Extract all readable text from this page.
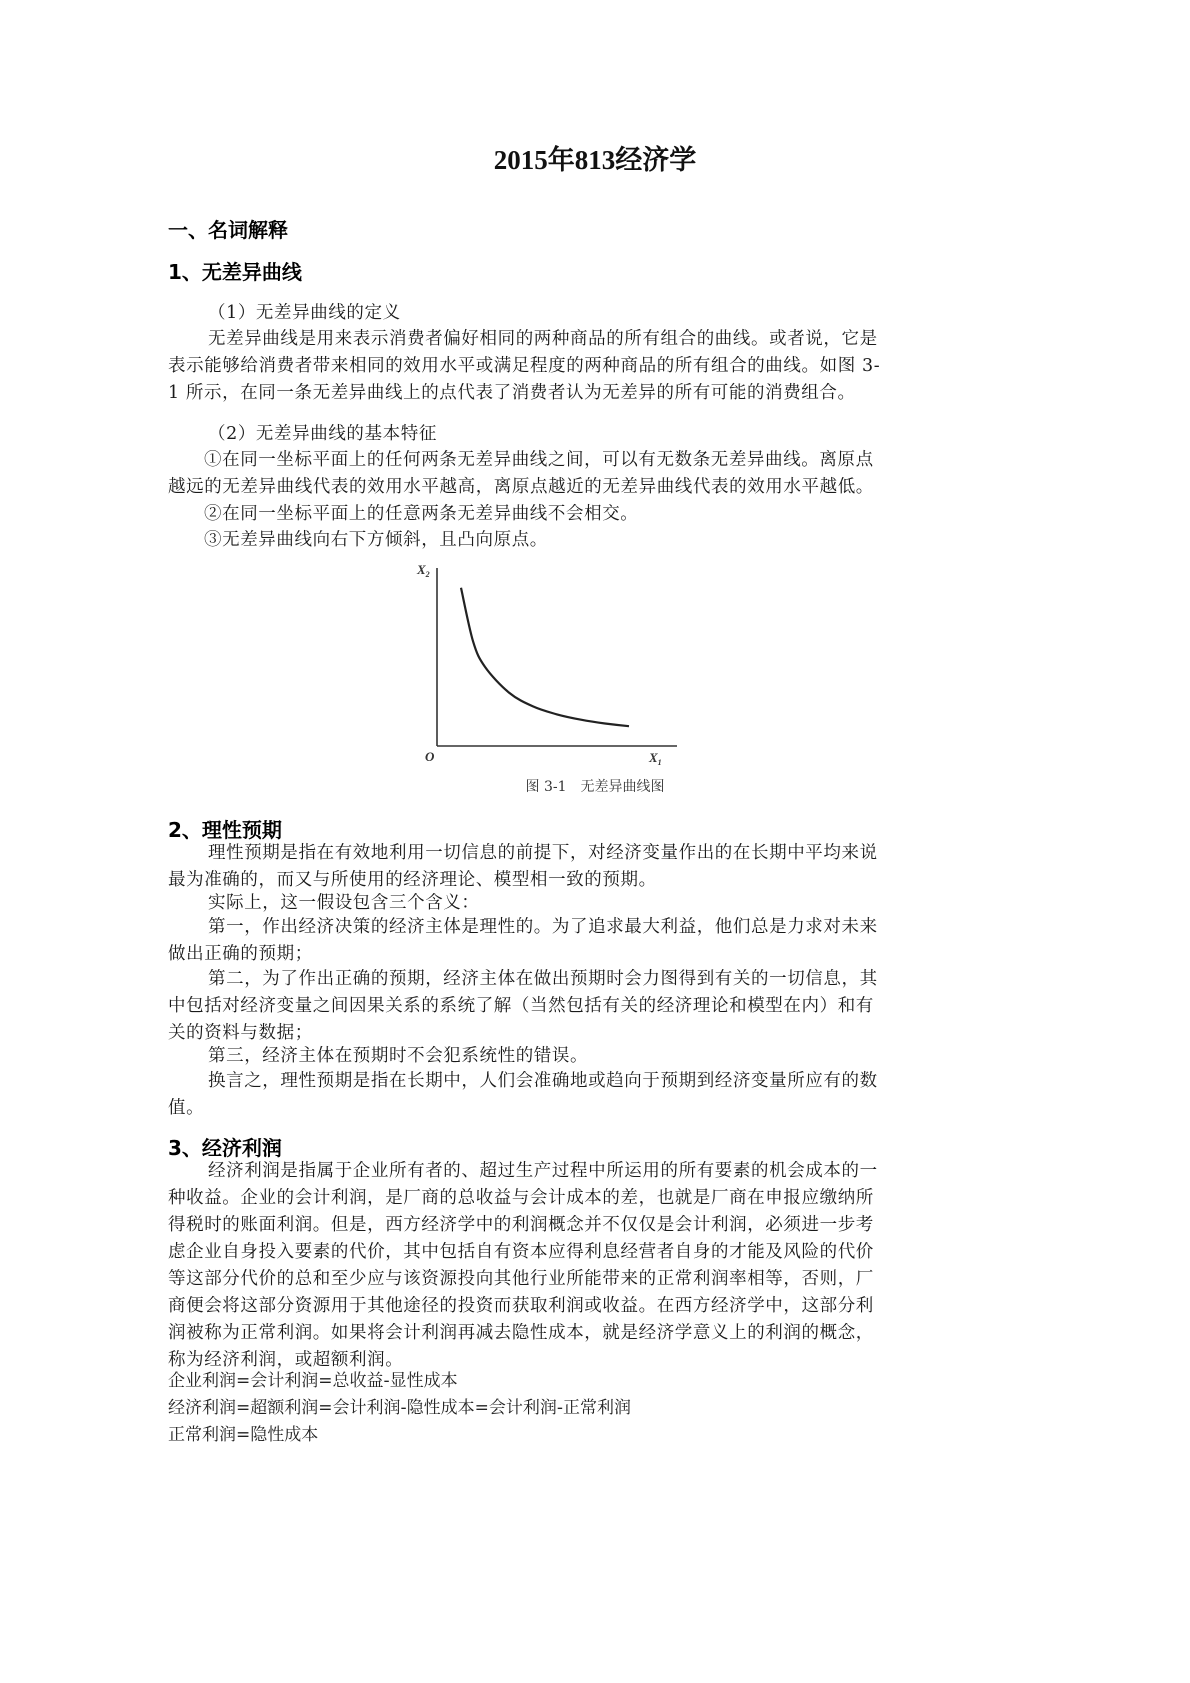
2015年813经济学
一、名词解释
1、无差异曲线
（1）无差异曲线的定义
无差异曲线是用来表示消费者偏好相同的两种商品的所有组合的曲线。或者说，它是
表示能够给消费者带来相同的效用水平或满足程度的两种商品的所有组合的曲线。如图 3-
1 所示，在同一条无差异曲线上的点代表了消费者认为无差异的所有可能的消费组合。
（2）无差异曲线的基本特征
①在同一坐标平面上的任何两条无差异曲线之间，可以有无数条无差异曲线。离原点
越远的无差异曲线代表的效用水平越高，离原点越近的无差异曲线代表的效用水平越低。
②在同一坐标平面上的任意两条无差异曲线不会相交。
③无差异曲线向右下方倾斜，且凸向原点。
$X_2$
$X_1$
O
图 3-1 无差异曲线图
2、理性预期
理性预期是指在有效地利用一切信息的前提下，对经济变量作出的在长期中平均来说
最为准确的，而又与所使用的经济理论、模型相一致的预期。
实际上，这一假设包含三个含义：
第一，作出经济决策的经济主体是理性的。为了追求最大利益，他们总是力求对未来
做出正确的预期；
第二，为了作出正确的预期，经济主体在做出预期时会力图得到有关的一切信息，其
中包括对经济变量之间因果关系的系统了解（当然包括有关的经济理论和模型在内）和有
关的资料与数据；
第三，经济主体在预期时不会犯系统性的错误。
换言之，理性预期是指在长期中，人们会准确地或趋向于预期到经济变量所应有的数
值。
3、经济利润
经济利润是指属于企业所有者的、超过生产过程中所运用的所有要素的机会成本的一
种收益。企业的会计利润，是厂商的总收益与会计成本的差，也就是厂商在申报应缴纳所
得税时的账面利润。但是，西方经济学中的利润概念并不仅仅是会计利润，必须进一步考
虑企业自身投入要素的代价，其中包括自有资本应得利息经营者自身的才能及风险的代价
等这部分代价的总和至少应与该资源投向其他行业所能带来的正常利润率相等，否则，厂
商便会将这部分资源用于其他途径的投资而获取利润或收益。在西方经济学中，这部分利
润被称为正常利润。如果将会计利润再减去隐性成本，就是经济学意义上的利润的概念，
称为经济利润，或超额利润。
企业利润=会计利润=总收益-显性成本
经济利润=超额利润=会计利润-隐性成本=会计利润-正常利润
正常利润=隐性成本
